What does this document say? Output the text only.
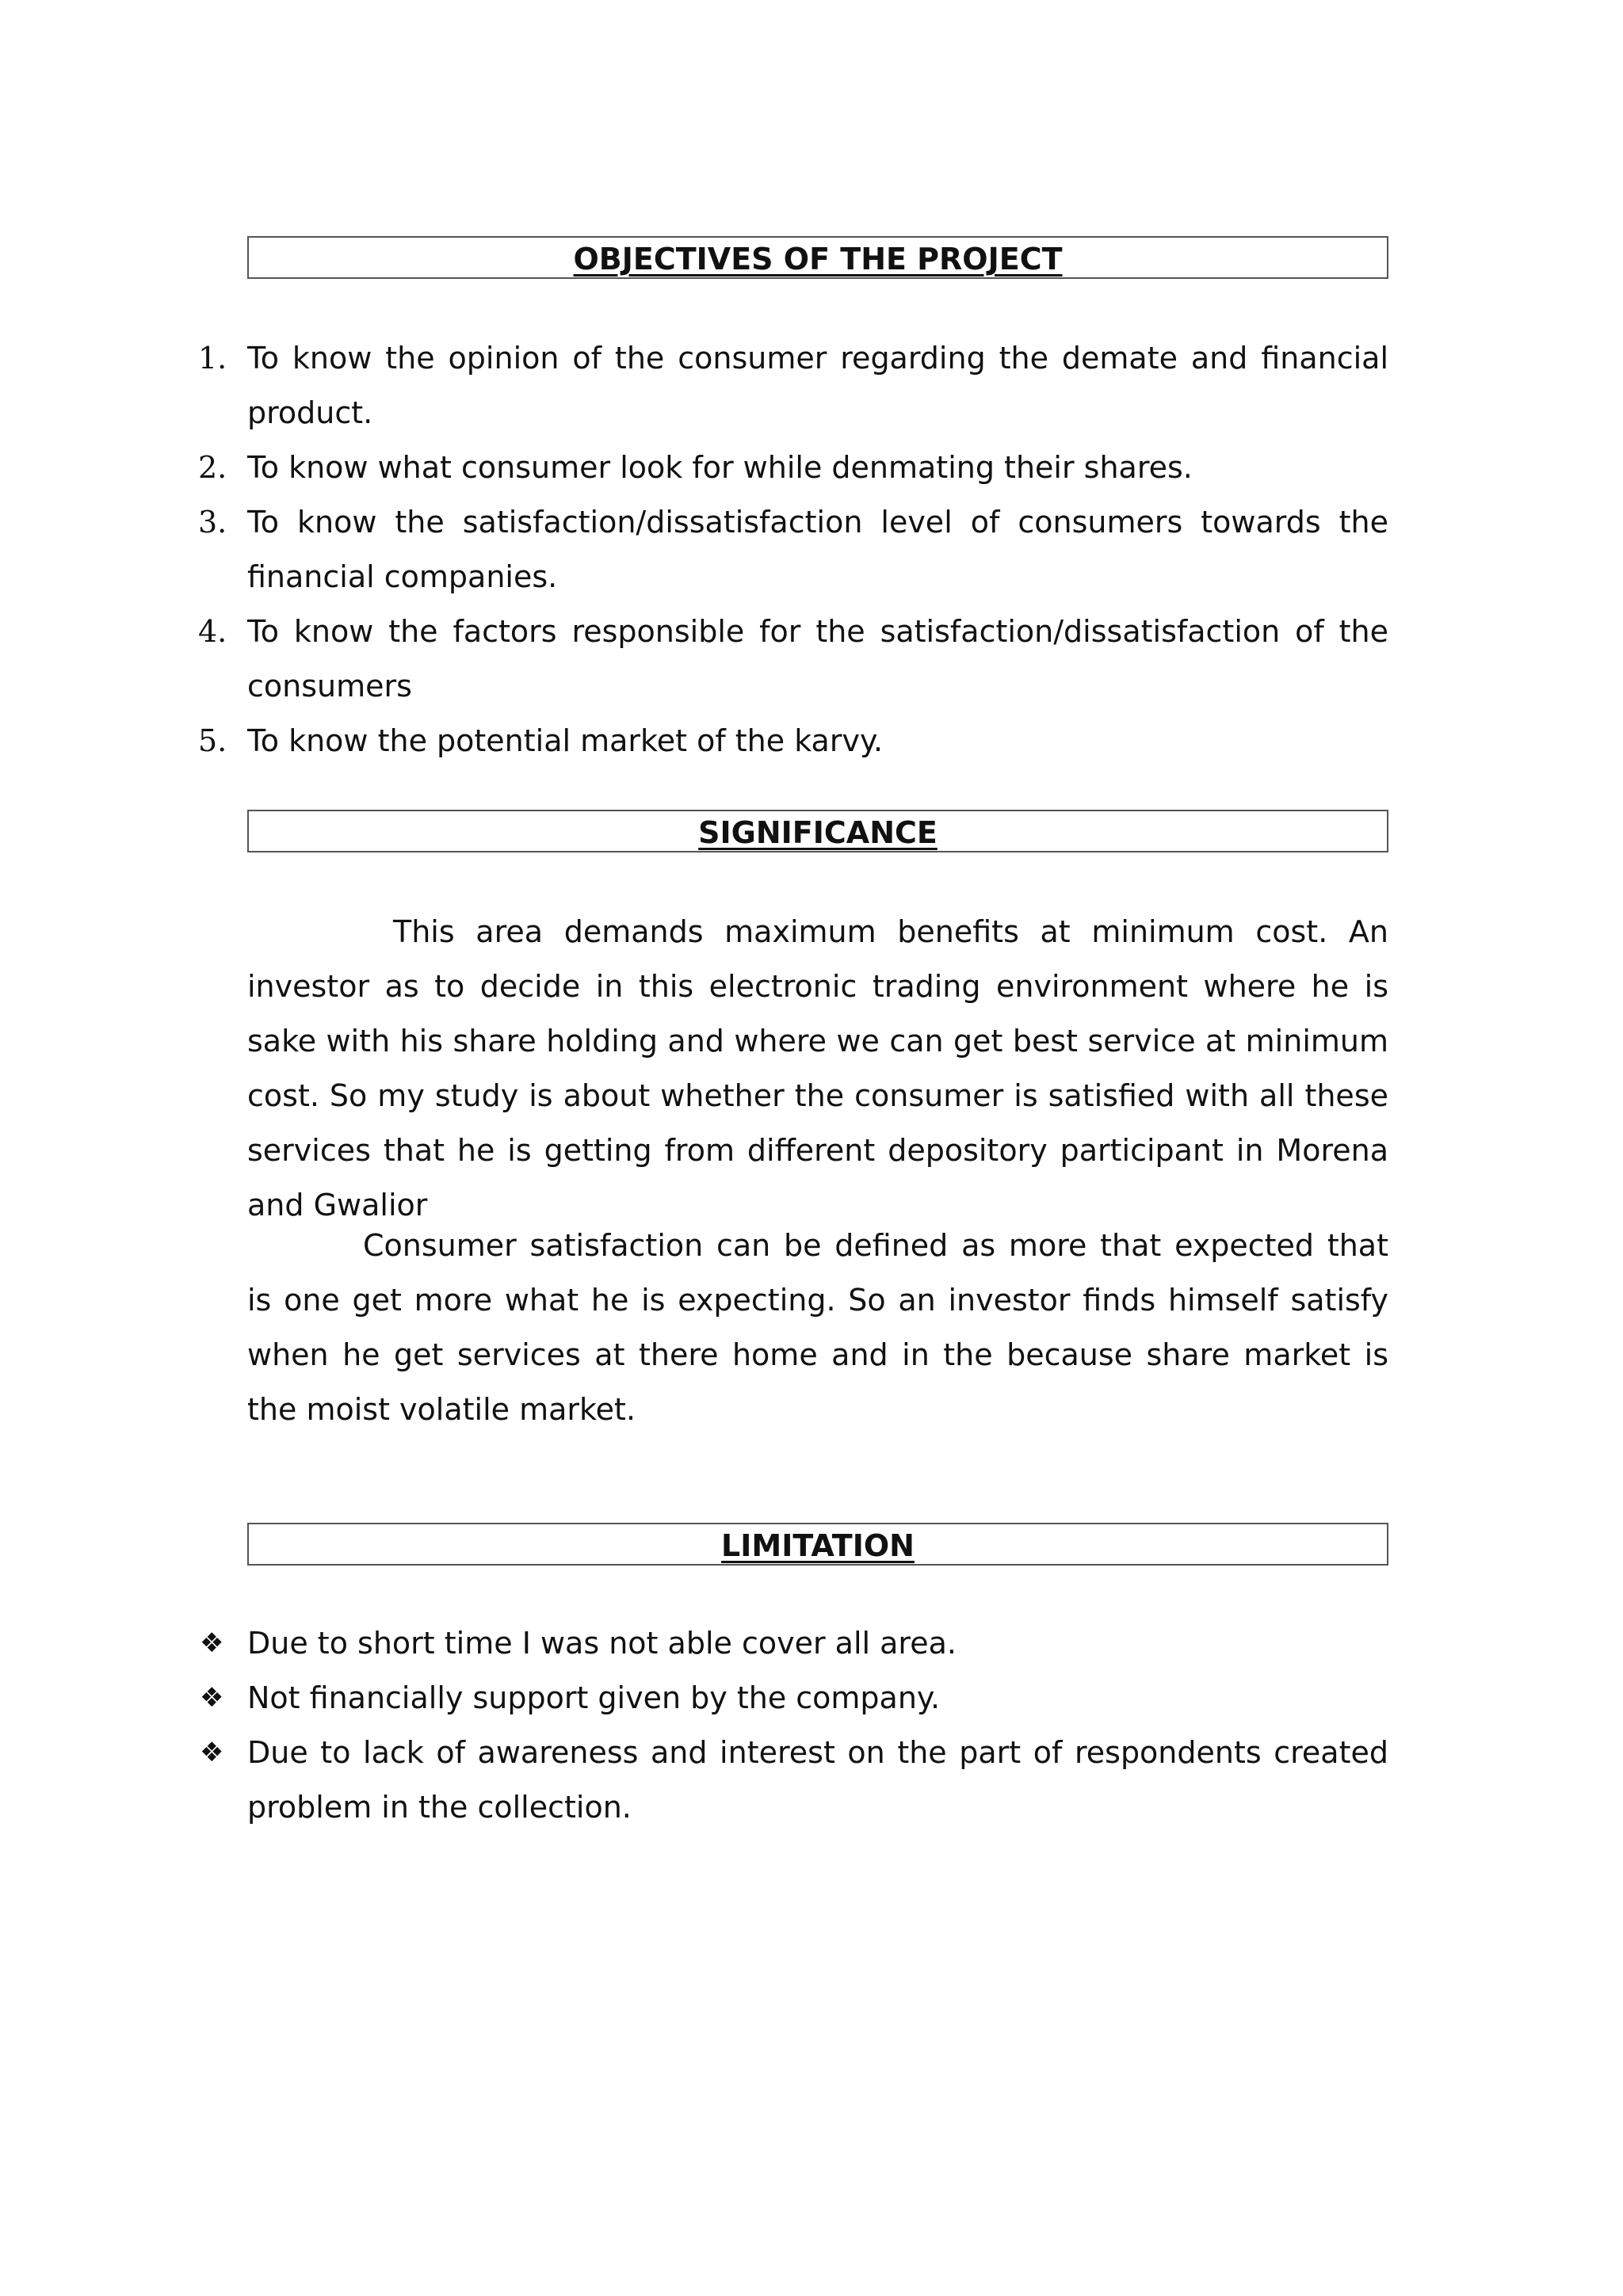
OBJECTIVES OF THE PROJECT
1. To know the opinion of the consumer regarding the demate and financial product.
2. To know what consumer look for while denmating their shares.
3. To know the satisfaction/dissatisfaction level of consumers towards the financial companies.
4. To know the factors responsible for the satisfaction/dissatisfaction of the consumers
5. To know the potential market of the karvy.
SIGNIFICANCE

This area demands maximum benefits at minimum cost. An investor as to decide in this electronic trading environment where he is sake with his share holding and where we can get best service at minimum cost. So my study is about whether the consumer is satisfied with all these services that he is getting from different depository participant in Morena and Gwalior

Consumer satisfaction can be defined as more that expected that is one get more what he is expecting. So an investor finds himself satisfy when he get services at there home and in the because share market is the moist volatile market.

LIMITATION
❖ Due to short time I was not able cover all area.
❖ Not financially support given by the company.
❖ Due to lack of awareness and interest on the part of respondents created problem in the collection.
